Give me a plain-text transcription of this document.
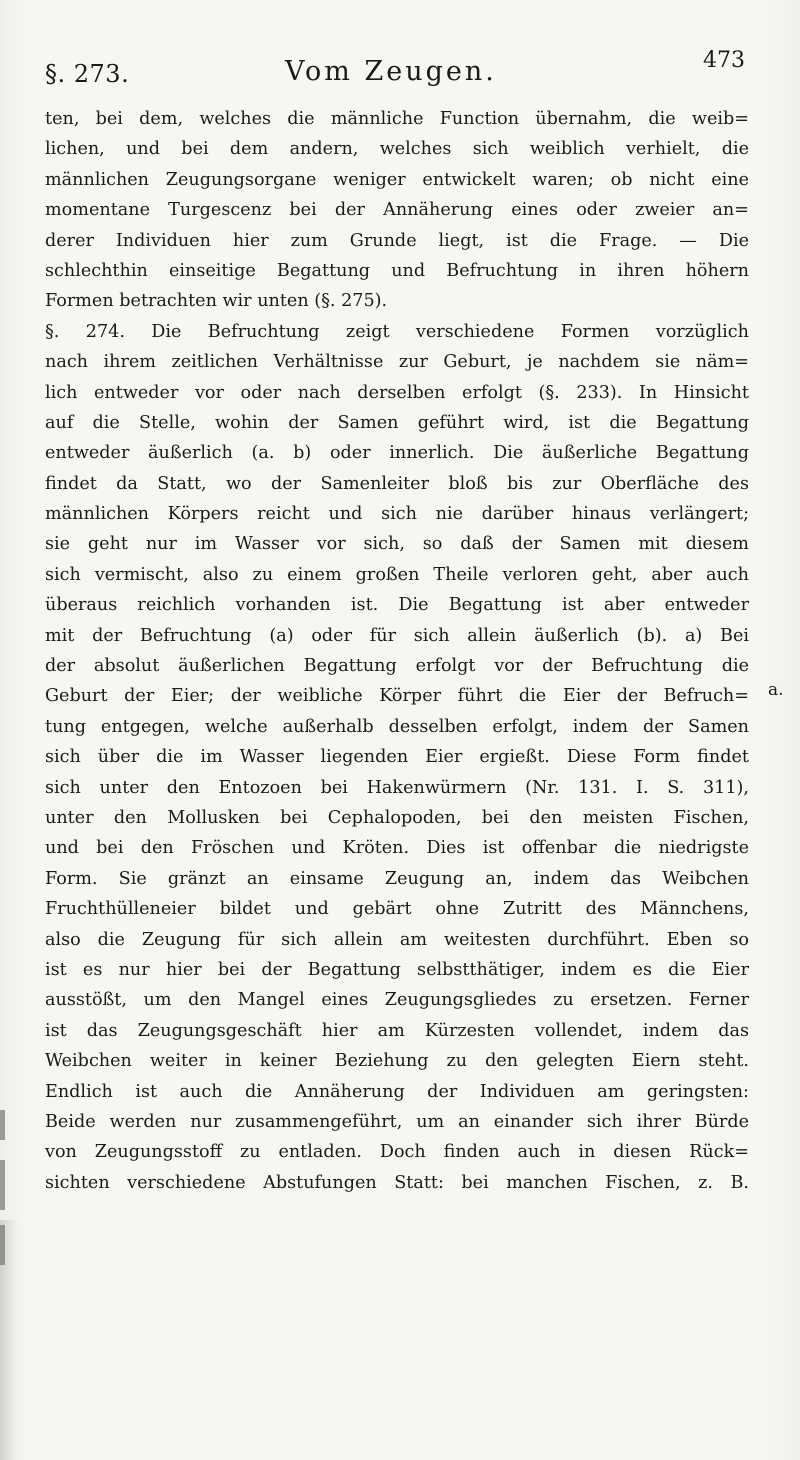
§. 273.	Vom Zeugen.	473
ten, bei dem, welches die männliche Function übernahm, die weib=
lichen, und bei dem andern, welches sich weiblich verhielt, die
männlichen Zeugungsorgane weniger entwickelt waren; ob nicht eine
momentane Turgescenz bei der Annäherung eines oder zweier an=
derer Individuen hier zum Grunde liegt, ist die Frage. — Die
schlechthin einseitige Begattung und Befruchtung in ihren höhern
Formen betrachten wir unten (§. 275).
§. 274. Die Befruchtung zeigt verschiedene Formen vorzüglich
nach ihrem zeitlichen Verhältnisse zur Geburt, je nachdem sie näm=
lich entweder vor oder nach derselben erfolgt (§. 233). In Hinsicht
auf die Stelle, wohin der Samen geführt wird, ist die Begattung
entweder äußerlich (a. b) oder innerlich. Die äußerliche Begattung
findet da Statt, wo der Samenleiter bloß bis zur Oberfläche des
männlichen Körpers reicht und sich nie darüber hinaus verlängert;
sie geht nur im Wasser vor sich, so daß der Samen mit diesem
sich vermischt, also zu einem großen Theile verloren geht, aber auch
überaus reichlich vorhanden ist. Die Begattung ist aber entweder
mit der Befruchtung (a) oder für sich allein äußerlich (b). a) Bei
der absolut äußerlichen Begattung erfolgt vor der Befruchtung die
Geburt der Eier; der weibliche Körper führt die Eier der Befruch=
tung entgegen, welche außerhalb desselben erfolgt, indem der Samen
sich über die im Wasser liegenden Eier ergießt. Diese Form findet
sich unter den Entozoen bei Hakenwürmern (Nr. 131. I. S. 311),
unter den Mollusken bei Cephalopoden, bei den meisten Fischen,
und bei den Fröschen und Kröten. Dies ist offenbar die niedrigste
Form. Sie gränzt an einsame Zeugung an, indem das Weibchen
Fruchthülleneier bildet und gebärt ohne Zutritt des Männchens,
also die Zeugung für sich allein am weitesten durchführt. Eben so
ist es nur hier bei der Begattung selbstthätiger, indem es die Eier
ausstößt, um den Mangel eines Zeugungsgliedes zu ersetzen. Ferner
ist das Zeugungsgeschäft hier am Kürzesten vollendet, indem das
Weibchen weiter in keiner Beziehung zu den gelegten Eiern steht.
Endlich ist auch die Annäherung der Individuen am geringsten:
Beide werden nur zusammengeführt, um an einander sich ihrer Bürde
von Zeugungsstoff zu entladen. Doch finden auch in diesen Rück=
sichten verschiedene Abstufungen Statt: bei manchen Fischen, z. B.
a.
